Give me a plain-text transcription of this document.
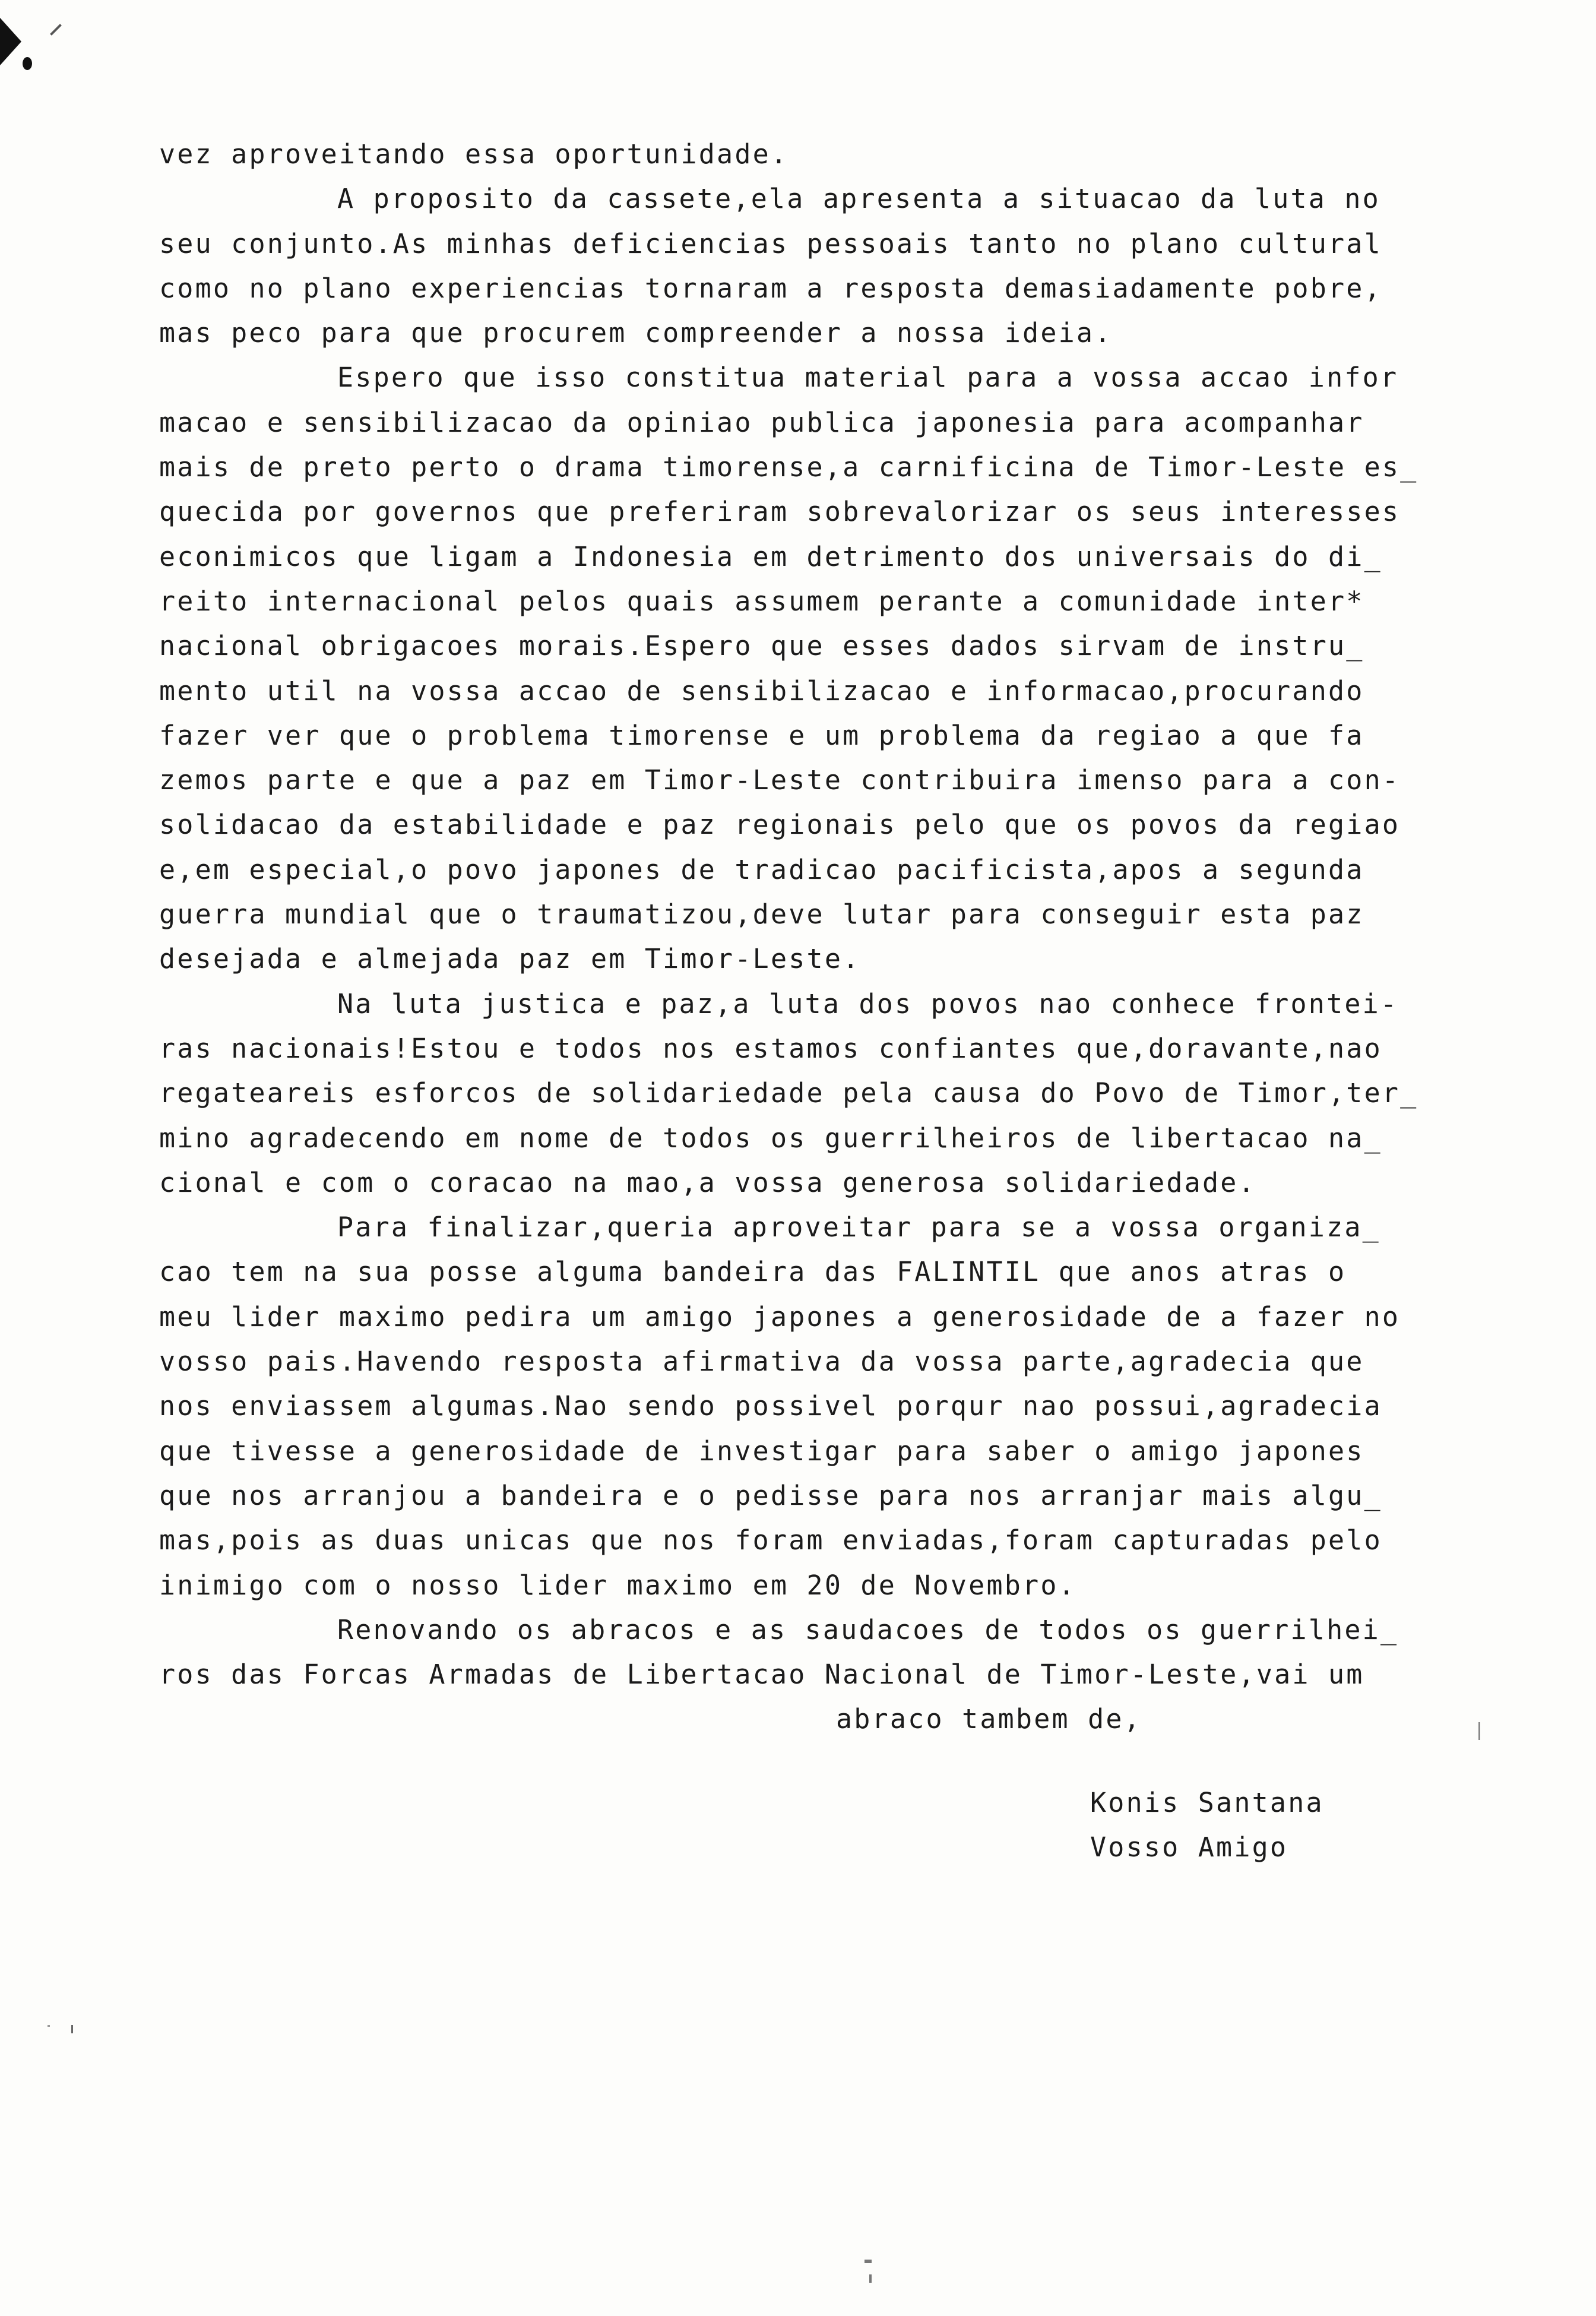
vez aproveitando essa oportunidade.
A proposito da cassete,ela apresenta a situacao da luta no
seu conjunto.As minhas deficiencias pessoais tanto no plano cultural
como no plano experiencias tornaram a resposta demasiadamente pobre,
mas peco para que procurem compreender a nossa ideia.
Espero que isso constitua material para a vossa accao infor
macao e sensibilizacao da opiniao publica japonesia para acompanhar
mais de preto perto o drama timorense,a carnificina de Timor-Leste es_
quecida por governos que preferiram sobrevalorizar os seus interesses
econimicos que ligam a Indonesia em detrimento dos universais do di_
reito internacional pelos quais assumem perante a comunidade inter*
nacional obrigacoes morais.Espero que esses dados sirvam de instru_
mento util na vossa accao de sensibilizacao e informacao,procurando
fazer ver que o problema timorense e um problema da regiao a que fa
zemos parte e que a paz em Timor-Leste contribuira imenso para a con-
solidacao da estabilidade e paz regionais pelo que os povos da regiao
e,em especial,o povo japones de tradicao pacificista,apos a segunda
guerra mundial que o traumatizou,deve lutar para conseguir esta paz
desejada e almejada paz em Timor-Leste.
Na luta justica e paz,a luta dos povos nao conhece frontei-
ras nacionais!Estou e todos nos estamos confiantes que,doravante,nao
regateareis esforcos de solidariedade pela causa do Povo de Timor,ter_
mino agradecendo em nome de todos os guerrilheiros de libertacao na_
cional e com o coracao na mao,a vossa generosa solidariedade.
Para finalizar,queria aproveitar para se a vossa organiza_
cao tem na sua posse alguma bandeira das FALINTIL que anos atras o
meu lider maximo pedira um amigo japones a generosidade de a fazer no
vosso pais.Havendo resposta afirmativa da vossa parte,agradecia que
nos enviassem algumas.Nao sendo possivel porqur nao possui,agradecia
que tivesse a generosidade de investigar para saber o amigo japones
que nos arranjou a bandeira e o pedisse para nos arranjar mais algu_
mas,pois as duas unicas que nos foram enviadas,foram capturadas pelo
inimigo com o nosso lider maximo em 20 de Novembro.
Renovando os abracos e as saudacoes de todos os guerrilhei_
ros das Forcas Armadas de Libertacao Nacional de Timor-Leste,vai um
abraco tambem de,
Konis Santana
Vosso Amigo
